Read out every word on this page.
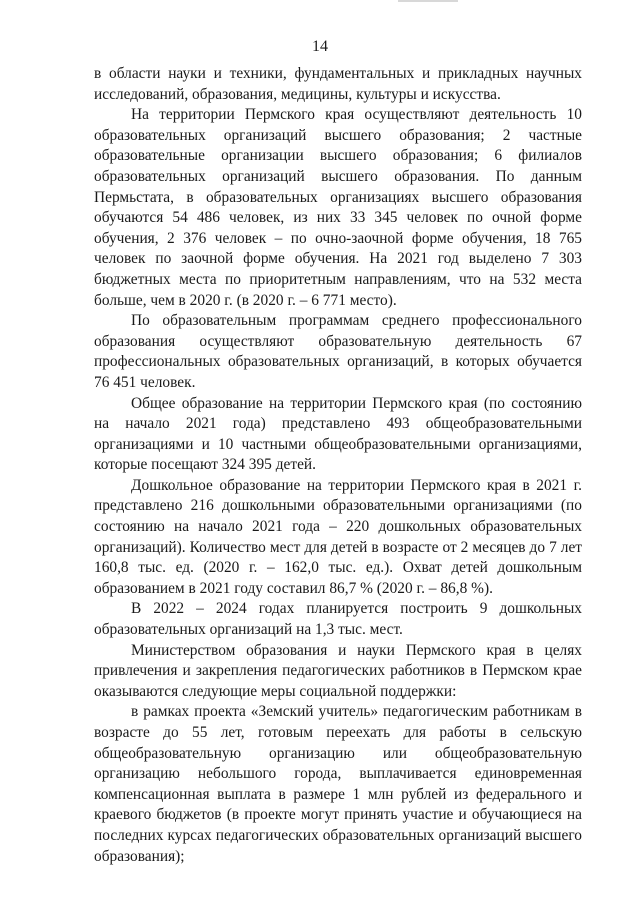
14

в области науки и техники, фундаментальных и прикладных научных исследований, образования, медицины, культуры и искусства.

На территории Пермского края осуществляют деятельность 10 образовательных организаций высшего образования; 2 частные образовательные организации высшего образования; 6 филиалов образовательных организаций высшего образования. По данным Пермьстата, в образовательных организациях высшего образования обучаются 54 486 человек, из них 33 345 человек по очной форме обучения, 2 376 человек – по очно-заочной форме обучения, 18 765 человек по заочной форме обучения. На 2021 год выделено 7 303 бюджетных места по приоритетным направлениям, что на 532 места больше, чем в 2020 г. (в 2020 г. – 6 771 место).

По образовательным программам среднего профессионального образования осуществляют образовательную деятельность 67 профессиональных образовательных организаций, в которых обучается 76 451 человек.

Общее образование на территории Пермского края (по состоянию на начало 2021 года) представлено 493 общеобразовательными организациями и 10 частными общеобразовательными организациями, которые посещают 324 395 детей.

Дошкольное образование на территории Пермского края в 2021 г. представлено 216 дошкольными образовательными организациями (по состоянию на начало 2021 года – 220 дошкольных образовательных организаций). Количество мест для детей в возрасте от 2 месяцев до 7 лет 160,8 тыс. ед. (2020 г. – 162,0 тыс. ед.). Охват детей дошкольным образованием в 2021 году составил 86,7 % (2020 г. – 86,8 %).

В 2022 – 2024 годах планируется построить 9 дошкольных образовательных организаций на 1,3 тыс. мест.

Министерством образования и науки Пермского края в целях привлечения и закрепления педагогических работников в Пермском крае оказываются следующие меры социальной поддержки:

в рамках проекта «Земский учитель» педагогическим работникам в возрасте до 55 лет, готовым переехать для работы в сельскую общеобразовательную организацию или общеобразовательную организацию небольшого города, выплачивается единовременная компенсационная выплата в размере 1 млн рублей из федерального и краевого бюджетов (в проекте могут принять участие и обучающиеся на последних курсах педагогических образовательных организаций высшего образования);
